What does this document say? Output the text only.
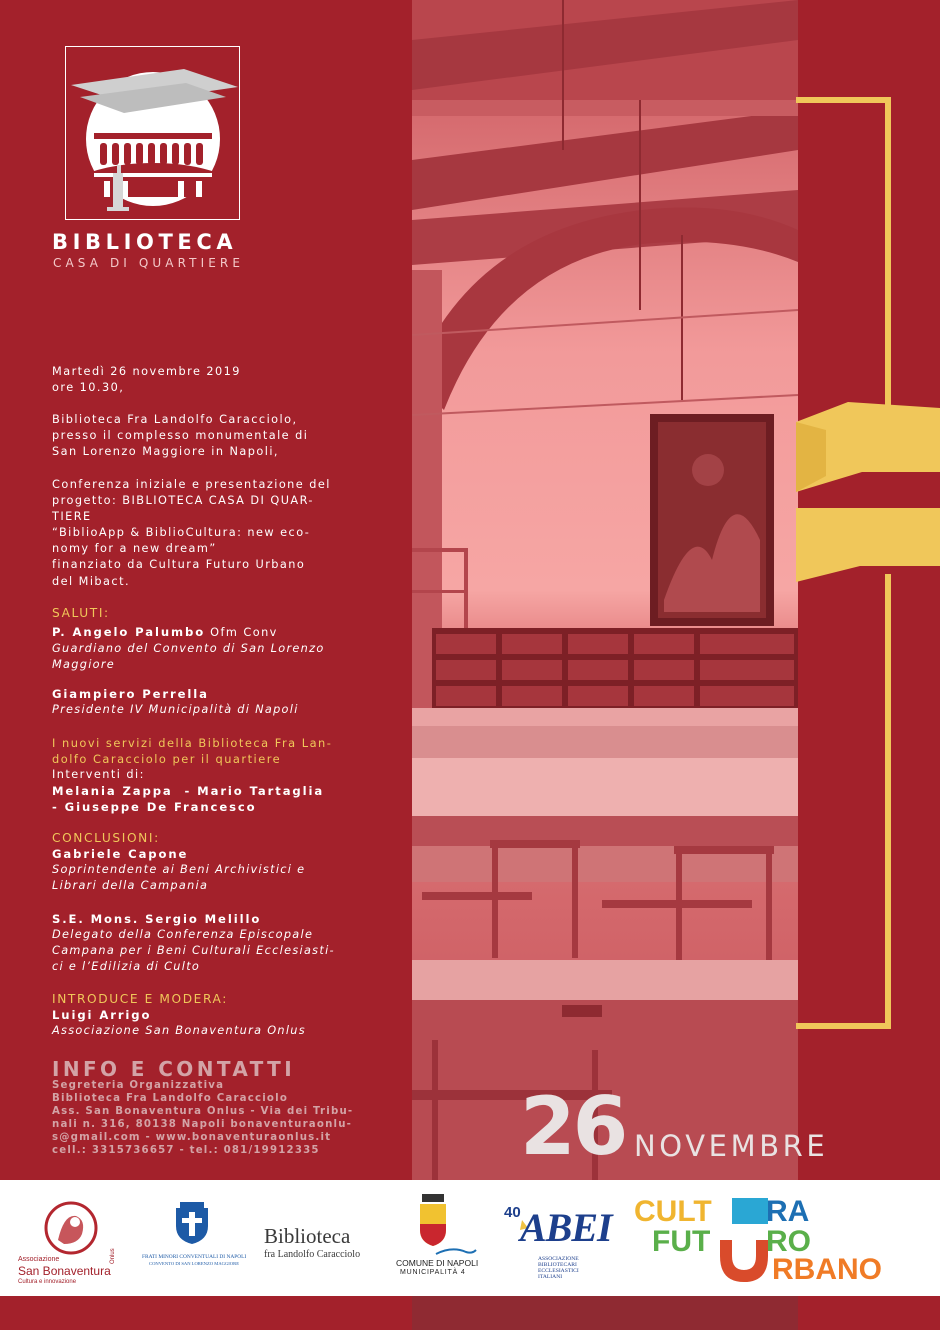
BIBLIOTECA
CASA DI QUARTIERE
Martedì 26 novembre 2019
ore 10.30,
Biblioteca Fra Landolfo Caracciolo,
presso il complesso monumentale di
San Lorenzo Maggiore in Napoli,
Conferenza iniziale e presentazione del
progetto: BIBLIOTECA CASA DI QUAR-
TIERE
“BiblioApp & BiblioCultura: new eco-
nomy for a new dream”
finanziato da Cultura Futuro Urbano
del Mibact.
SALUTI:
P. Angelo Palumbo Ofm Conv
Guardiano del Convento di San Lorenzo
Maggiore
Giampiero Perrella
Presidente IV Municipalità di Napoli
I nuovi servizi della Biblioteca Fra Lan-
dolfo Caracciolo per il quartiere
Interventi di:
Melania Zappa  - Mario Tartaglia
- Giuseppe De Francesco
CONCLUSIONI:
Gabriele Capone
Soprintendente ai Beni Archivistici e
Librari della Campania
S.E. Mons. Sergio Melillo
Delegato della Conferenza Episcopale
Campana per i Beni Culturali Ecclesiasti-
ci e l’Edilizia di Culto
INTRODUCE E MODERA:
Luigi Arrigo
Associazione San Bonaventura Onlus
INFO E CONTATTI
Segreteria Organizzativa
Biblioteca Fra Landolfo Caracciolo
Ass. San Bonaventura Onlus - Via dei Tribu-
nali n. 316, 80138 Napoli bonaventuraonlu-
s@gmail.com - www.bonaventuraonlus.it
cell.: 3315736657 - tel.: 081/19912335	26 NOVEMBRE
Associazione
San Bonaventura
Cultura e innovazione
Onlus	FRATI MINORI CONVENTUALI DI NAPOLI
CONVENTO DI SAN LORENZO MAGGIORE
Biblioteca
fra Landolfo Caracciolo
COMUNE DI NAPOLI
MUNICIPALITÀ 4
40 ABEI
ASSOCIAZIONE
BIBLIOTECARI
ECCLESIASTICI
ITALIANI
CULT
FUT
RA
RO
RBANO
